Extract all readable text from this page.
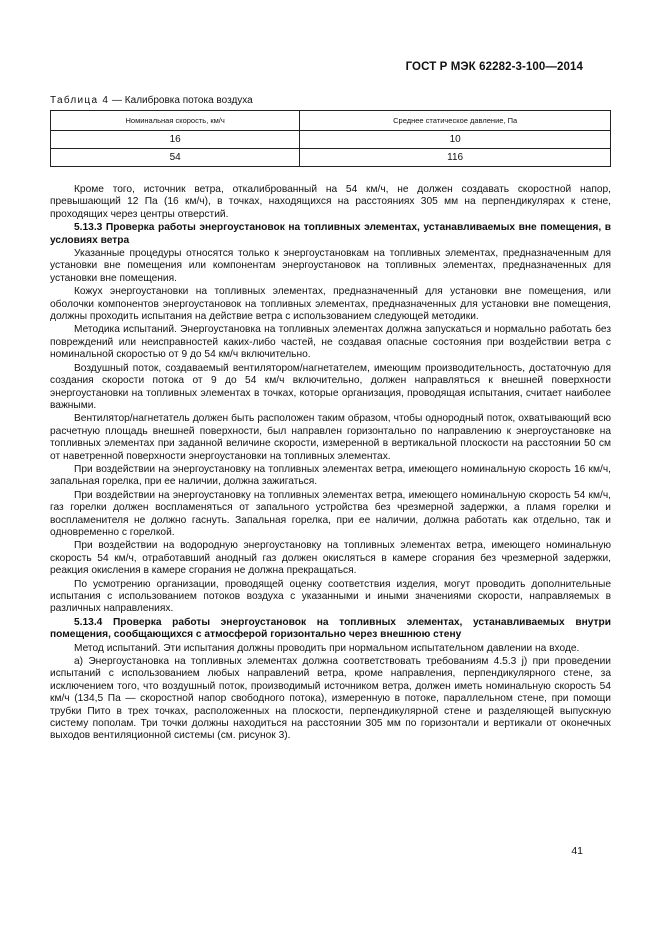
ГОСТ Р МЭК 62282-3-100—2014
Таблица 4 — Калибровка потока воздуха
Номинальная скорость, км/ч	Среднее статическое давление, Па
16	10
54	116

Кроме того, источник ветра, откалиброванный на 54 км/ч, не должен создавать скоростной напор, превышающий 12 Па (16 км/ч), в точках, находящихся на расстояниях 305 мм на перпендикулярах к стене, проходящих через центры отверстий.

5.13.3 Проверка работы энергоустановок на топливных элементах, устанавливаемых вне помещения, в условиях ветра

Указанные процедуры относятся только к энергоустановкам на топливных элементах, предназначенным для установки вне помещения или компонентам энергоустановок на топливных элементах, предназначенных для установки вне помещения.

Кожух энергоустановки на топливных элементах, предназначенный для установки вне помещения, или оболочки компонентов энергоустановок на топливных элементах, предназначенных для установки вне помещения, должны проходить испытания на действие ветра с использованием следующей методики.

Методика испытаний. Энергоустановка на топливных элементах должна запускаться и нормально работать без повреждений или неисправностей каких-либо частей, не создавая опасные состояния при воздействии ветра с номинальной скоростью от 9 до 54 км/ч включительно.

Воздушный поток, создаваемый вентилятором/нагнетателем, имеющим производительность, достаточную для создания скорости потока от 9 до 54 км/ч включительно, должен направляться к внешней поверхности энергоустановки на топливных элементах в точках, которые организация, проводящая испытания, считает наиболее важными.

Вентилятор/нагнетатель должен быть расположен таким образом, чтобы однородный поток, охватывающий всю расчетную площадь внешней поверхности, был направлен горизонтально по направлению к энергоустановке на топливных элементах при заданной величине скорости, измеренной в вертикальной плоскости на расстоянии 50 см от наветренной поверхности энергоустановки на топливных элементах.

При воздействии на энергоустановку на топливных элементах ветра, имеющего номинальную скорость 16 км/ч, запальная горелка, при ее наличии, должна зажигаться.

При воздействии на энергоустановку на топливных элементах ветра, имеющего номинальную скорость 54 км/ч, газ горелки должен воспламеняться от запального устройства без чрезмерной задержки, а пламя горелки и воспламенителя не должно гаснуть. Запальная горелка, при ее наличии, должна работать как отдельно, так и одновременно с горелкой.

При воздействии на водородную энергоустановку на топливных элементах ветра, имеющего номинальную скорость 54 км/ч, отработавший анодный газ должен окисляться в камере сгорания без чрезмерной задержки, реакция окисления в камере сгорания не должна прекращаться.

По усмотрению организации, проводящей оценку соответствия изделия, могут проводить дополнительные испытания с использованием потоков воздуха с указанными и иными значениями скорости, направляемых в различных направлениях.

5.13.4 Проверка работы энергоустановок на топливных элементах, устанавливаемых внутри помещения, сообщающихся с атмосферой горизонтально через внешнюю стену

Метод испытаний. Эти испытания должны проводить при нормальном испытательном давлении на входе.

а) Энергоустановка на топливных элементах должна соответствовать требованиям 4.5.3 j) при проведении испытаний с использованием любых направлений ветра, кроме направления, перпендикулярного стене, за исключением того, что воздушный поток, производимый источником ветра, должен иметь номинальную скорость 54 км/ч (134,5 Па — скоростной напор свободного потока), измеренную в потоке, параллельном стене, при помощи трубки Пито в трех точках, расположенных на плоскости, перпендикулярной стене и разделяющей выпускную систему пополам. Три точки должны находиться на расстоянии 305 мм по горизонтали и вертикали от оконечных выходов вентиляционной системы (см. рисунок 3).

41
